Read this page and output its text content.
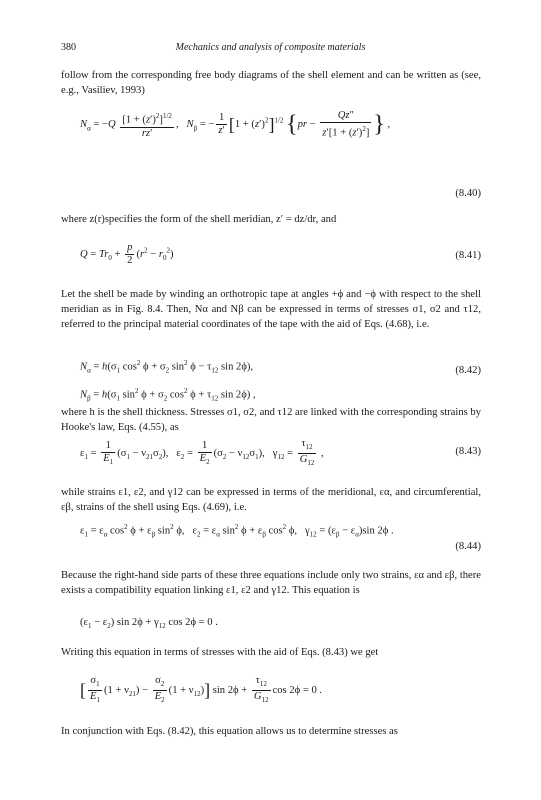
380	Mechanics and analysis of composite materials

follow from the corresponding free body diagrams of the shell element and can be written as (see, e.g., Vasiliev, 1993)

$N_\alpha = -Q \frac{[1 + (z')^2]^{1/2}}{rz'}$ ,   $N_\beta$ = − $\frac{1}{z'} [1 + (z')^2]^{1/2}$ {$pr - \frac{Qz''}{z'[1 + (z')^2]}$ } ,
(8.40)

where z(r)specifies the form of the shell meridian, z′ = dz/dr, and

$Q = Tr_0 + \frac{p}{2} (r^2 - r_0^2)$	(8.41)

Let the shell be made by winding an orthotropic tape at angles +ϕ and −ϕ with respect to the shell meridian as in Fig. 8.4. Then, Nα and Nβ can be expressed in terms of stresses σ1, σ2 and τ12, referred to the principal material coordinates of the tape with the aid of Eqs. (4.68), i.e.

$N_\alpha = h(\sigma_1$ $\cos^2 \phi + \sigma_2$ $\sin^2 \phi - \tau_{12}$ sin 2ϕ),
$N_\beta = h(\sigma_1$ $\sin^2 \phi + \sigma_2$ $\cos^2 \phi + \tau_{12}$ sin 2ϕ) ,
(8.42)

where h is the shell thickness. Stresses σ1, σ2, and τ12 are linked with the corresponding strains by Hooke's law, Eqs. (4.55), as

$\varepsilon_1 = \frac{1}{E_1} (\sigma_1 - \nu_{21}\sigma_2)$,   $\varepsilon_2 = \frac{1}{E_2} (\sigma_2 - \nu_{12}\sigma_1)$,   $\gamma_{12} = \frac{\tau_{12}}{G_{12}}$ ,	(8.43)

while strains ε1, ε2, and γ12 can be expressed in terms of the meridional, εα, and circumferential, εβ, strains of the shell using Eqs. (4.69), i.e.

$\varepsilon_1 = \varepsilon_\alpha$ $\cos^2 \phi + \varepsilon_\beta$ $\sin^2 \phi$,   $\varepsilon_2 = \varepsilon_\alpha$ $\sin^2 \phi + \varepsilon_\beta$ $\cos^2 \phi$,   $\gamma_{12} = (\varepsilon_\beta - \varepsilon_\alpha)\sin$ 2ϕ .
(8.44)

Because the right-hand side parts of these three equations include only two strains, εα and εβ, there exists a compatibility equation linking ε1, ε2 and γ12. This equation is

$(\varepsilon_1 - \varepsilon_2)$ $\sin 2\phi + \gamma_{12}$ cos 2ϕ = 0 .

Writing this equation in terms of stresses with the aid of Eqs. (8.43) we get

[ $\frac{\sigma_1}{E_1} (1 + \nu_{21}) - \frac{\sigma_2}{E_2} (1 + \nu_{12})$] $\sin 2\phi + \frac{\tau_{12}}{G_{12}}$ cos 2ϕ = 0 .

In conjunction with Eqs. (8.42), this equation allows us to determine stresses as
